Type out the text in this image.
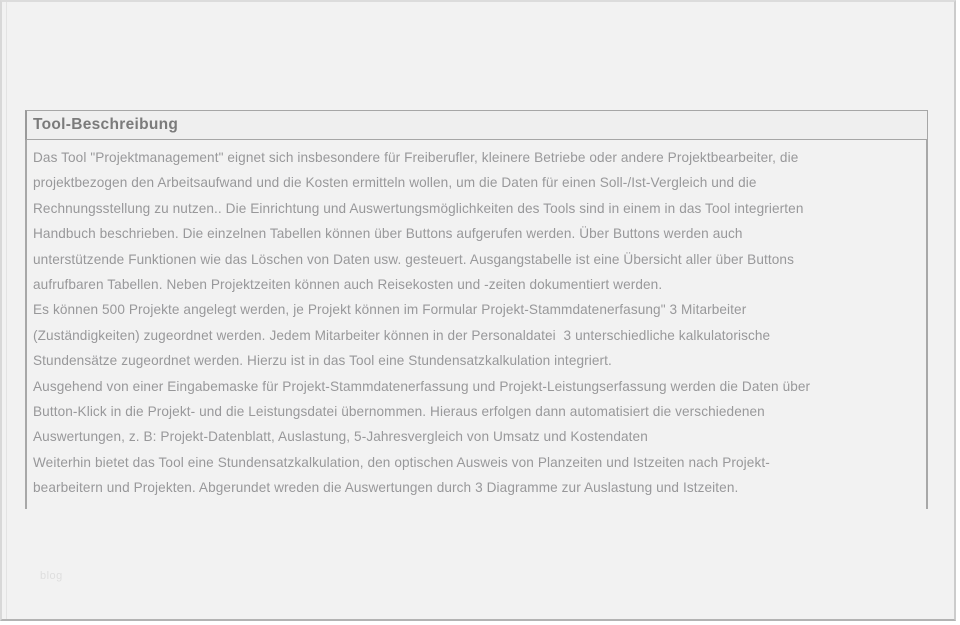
Tool-Beschreibung
Das Tool "Projektmanagement" eignet sich insbesondere für Freiberufler, kleinere Betriebe oder andere Projektbearbeiter, die
projektbezogen den Arbeitsaufwand und die Kosten ermitteln wollen, um die Daten für einen Soll-/Ist-Vergleich und die
Rechnungsstellung zu nutzen.. Die Einrichtung und Auswertungsmöglichkeiten des Tools sind in einem in das Tool integrierten
Handbuch beschrieben. Die einzelnen Tabellen können über Buttons aufgerufen werden. Über Buttons werden auch
unterstützende Funktionen wie das Löschen von Daten usw. gesteuert. Ausgangstabelle ist eine Übersicht aller über Buttons
aufrufbaren Tabellen. Neben Projektzeiten können auch Reisekosten und -zeiten dokumentiert werden.
Es können 500 Projekte angelegt werden, je Projekt können im Formular Projekt-Stammdatenerfasung" 3 Mitarbeiter
(Zuständigkeiten) zugeordnet werden. Jedem Mitarbeiter können in der Personaldatei  3 unterschiedliche kalkulatorische
Stundensätze zugeordnet werden. Hierzu ist in das Tool eine Stundensatzkalkulation integriert.
Ausgehend von einer Eingabemaske für Projekt-Stammdatenerfassung und Projekt-Leistungserfassung werden die Daten über
Button-Klick in die Projekt- und die Leistungsdatei übernommen. Hieraus erfolgen dann automatisiert die verschiedenen
Auswertungen, z. B: Projekt-Datenblatt, Auslastung, 5-Jahresvergleich von Umsatz und Kostendaten
Weiterhin bietet das Tool eine Stundensatzkalkulation, den optischen Ausweis von Planzeiten und Istzeiten nach Projekt-
bearbeitern und Projekten. Abgerundet wreden die Auswertungen durch 3 Diagramme zur Auslastung und Istzeiten.
blog
